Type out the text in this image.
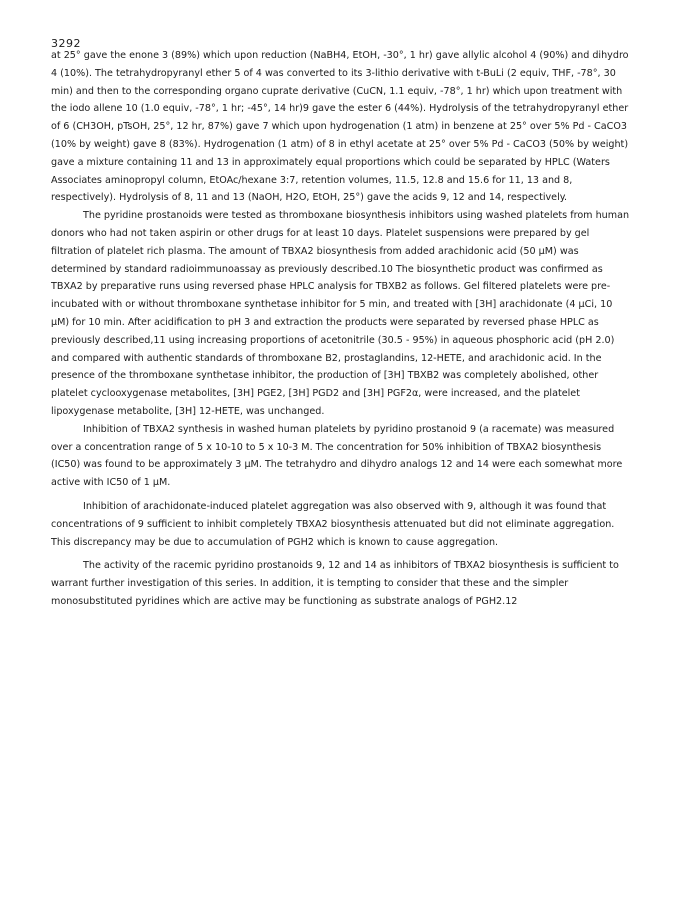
3292

at 25° gave the enone 3 (89%) which upon reduction (NaBH4, EtOH, -30°, 1 hr) gave allylic alcohol 4 (90%) and dihydro 4 (10%). The tetrahydropyranyl ether 5 of 4 was converted to its 3-lithio derivative with t-BuLi (2 equiv, THF, -78°, 30 min) and then to the corresponding organo cuprate derivative (CuCN, 1.1 equiv, -78°, 1 hr) which upon treatment with the iodo allene 10 (1.0 equiv, -78°, 1 hr; -45°, 14 hr)9 gave the ester 6 (44%). Hydrolysis of the tetrahydropyranyl ether of 6 (CH3OH, pTsOH, 25°, 12 hr, 87%) gave 7 which upon hydrogenation (1 atm) in benzene at 25° over 5% Pd - CaCO3 (10% by weight) gave 8 (83%). Hydrogenation (1 atm) of 8 in ethyl acetate at 25° over 5% Pd - CaCO3 (50% by weight) gave a mixture containing 11 and 13 in approximately equal proportions which could be separated by HPLC (Waters Associates aminopropyl column, EtOAc/hexane 3:7, retention volumes, 11.5, 12.8 and 15.6 for 11, 13 and 8, respectively). Hydrolysis of 8, 11 and 13 (NaOH, H2O, EtOH, 25°) gave the acids 9, 12 and 14, respectively.

The pyridine prostanoids were tested as thromboxane biosynthesis inhibitors using washed platelets from human donors who had not taken aspirin or other drugs for at least 10 days. Platelet suspensions were prepared by gel filtration of platelet rich plasma. The amount of TBXA2 biosynthesis from added arachidonic acid (50 μM) was determined by standard radioimmunoassay as previously described.10 The biosynthetic product was confirmed as TBXA2 by preparative runs using reversed phase HPLC analysis for TBXB2 as follows. Gel filtered platelets were pre-incubated with or without thromboxane synthetase inhibitor for 5 min, and treated with [3H] arachidonate (4 μCi, 10 μM) for 10 min. After acidification to pH 3 and extraction the products were separated by reversed phase HPLC as previously described,11 using increasing proportions of acetonitrile (30.5 - 95%) in aqueous phosphoric acid (pH 2.0) and compared with authentic standards of thromboxane B2, prostaglandins, 12-HETE, and arachidonic acid. In the presence of the thromboxane synthetase inhibitor, the production of [3H] TBXB2 was completely abolished, other platelet cyclooxygenase metabolites, [3H] PGE2, [3H] PGD2 and [3H] PGF2α, were increased, and the platelet lipoxygenase metabolite, [3H] 12-HETE, was unchanged.

Inhibition of TBXA2 synthesis in washed human platelets by pyridino prostanoid 9 (a racemate) was measured over a concentration range of 5 x 10-10 to 5 x 10-3 M. The concentration for 50% inhibition of TBXA2 biosynthesis (IC50) was found to be approximately 3 μM. The tetrahydro and dihydro analogs 12 and 14 were each somewhat more active with IC50 of 1 μM.

Inhibition of arachidonate-induced platelet aggregation was also observed with 9, although it was found that concentrations of 9 sufficient to inhibit completely TBXA2 biosynthesis attenuated but did not eliminate aggregation. This discrepancy may be due to accumulation of PGH2 which is known to cause aggregation.

The activity of the racemic pyridino prostanoids 9, 12 and 14 as inhibitors of TBXA2 biosynthesis is sufficient to warrant further investigation of this series. In addition, it is tempting to consider that these and the simpler monosubstituted pyridines which are active may be functioning as substrate analogs of PGH2.12
